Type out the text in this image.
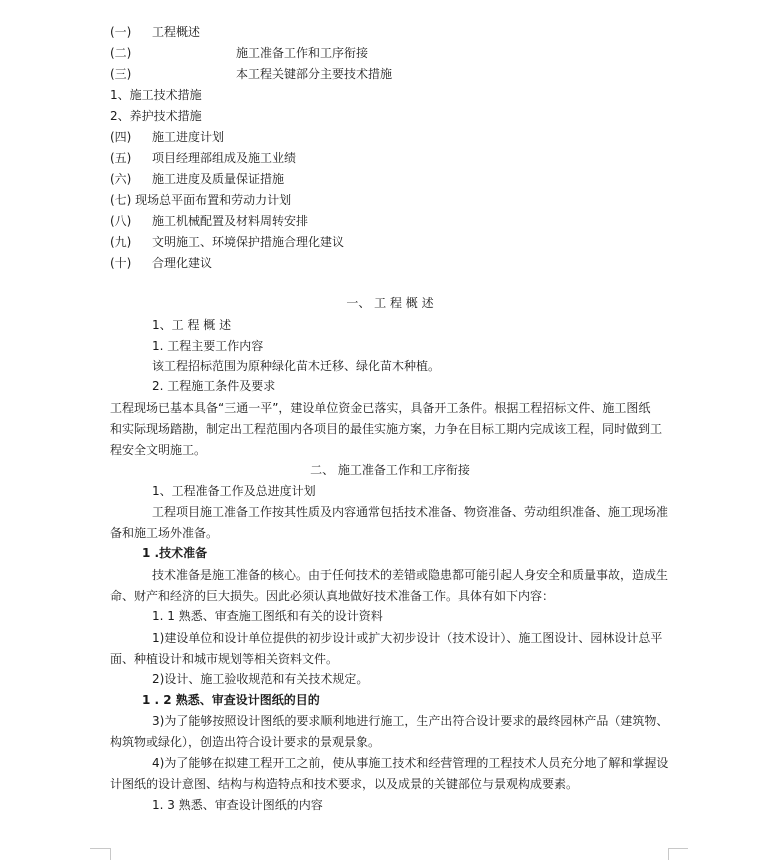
(一) 工程概述
(二)	施工准备工作和工序衔接
(三)	本工程关键部分主要技术措施
1、施工技术措施
2、养护技术措施
(四) 施工进度计划
(五) 项目经理部组成及施工业绩
(六) 施工进度及质量保证措施
(七) 现场总平面布置和劳动力计划
(八) 施工机械配置及材料周转安排
(九) 文明施工、环境保护措施合理化建议
(十) 合理化建议
一、 工 程 概 述
1、工 程 概 述
1. 工程主要工作内容
该工程招标范围为原种绿化苗木迁移、绿化苗木种植。
2. 工程施工条件及要求
工程现场已基本具备“三通一平”，建设单位资金已落实，具备开工条件。根据工程招标文件、施工图纸
和实际现场踏勘，制定出工程范围内各项目的最佳实施方案，力争在目标工期内完成该工程，同时做到工
程安全文明施工。
二、 施工准备工作和工序衔接
1、工程准备工作及总进度计划
工程项目施工准备工作按其性质及内容通常包括技术准备、物资准备、劳动组织准备、施工现场准
备和施工场外准备。
1 .技术准备
技术准备是施工准备的核心。由于任何技术的差错或隐患都可能引起人身安全和质量事故，造成生
命、财产和经济的巨大损失。因此必须认真地做好技术准备工作。具体有如下内容：
1. 1 熟悉、审查施工图纸和有关的设计资料
1)建设单位和设计单位提供的初步设计或扩大初步设计（技术设计）、施工图设计、园林设计总平
面、种植设计和城市规划等相关资料文件。
2)设计、施工验收规范和有关技术规定。
1 . 2 熟悉、审查设计图纸的目的
3)为了能够按照设计图纸的要求顺利地进行施工，生产出符合设计要求的最终园林产品（建筑物、
构筑物或绿化），创造出符合设计要求的景观景象。
4)为了能够在拟建工程开工之前，使从事施工技术和经营管理的工程技术人员充分地了解和掌握设
计图纸的设计意图、结构与构造特点和技术要求，以及成景的关键部位与景观构成要素。
1. 3 熟悉、审查设计图纸的内容
